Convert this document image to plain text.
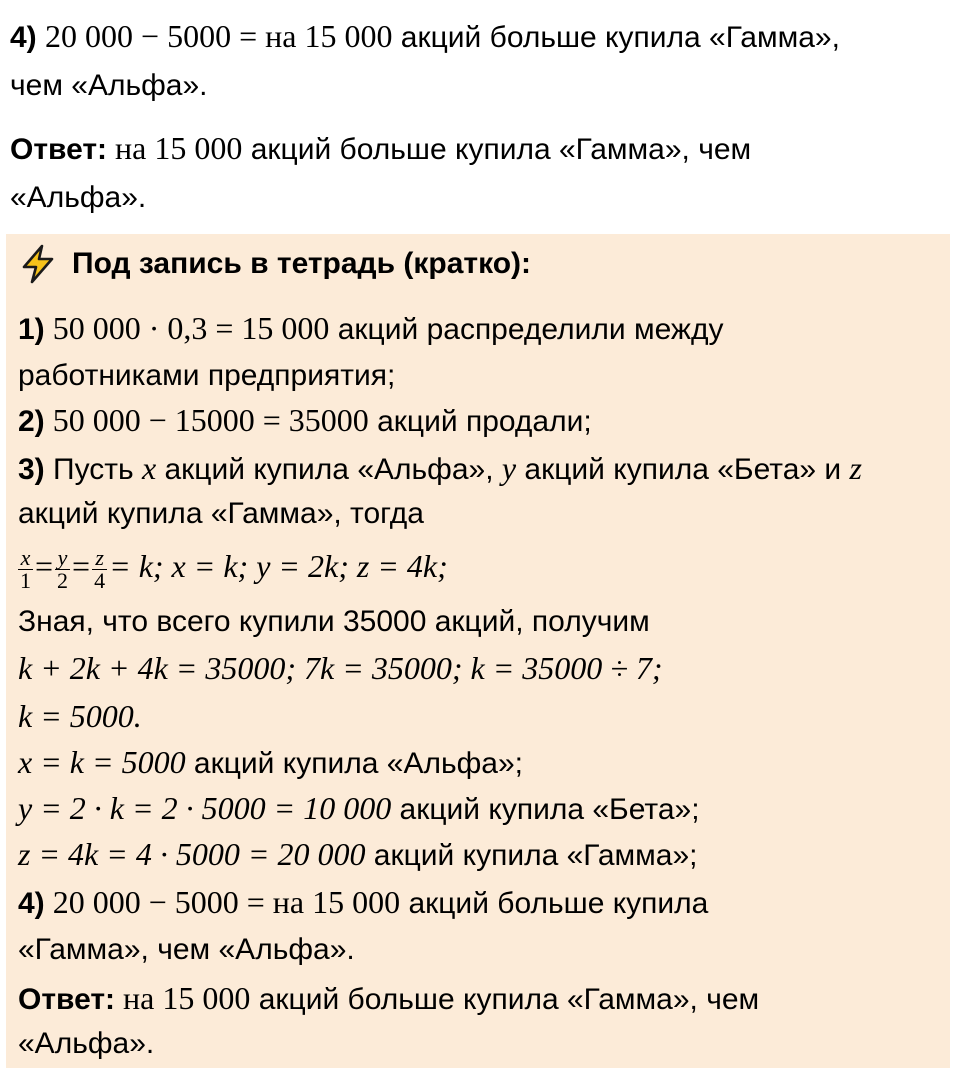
4) 20 000 − 5000 = на 15 000 акций больше купила «Гамма»,
чем «Альфа».
Ответ: на 15 000 акций больше купила «Гамма», чем
«Альфа».
Под запись в тетрадь (кратко):
1) 50 000 · 0,3 = 15 000 акций распределили между
работниками предприятия;
2) 50 000 − 15000 = 35000 акций продали;
3) Пусть x акций купила «Альфа», y акций купила «Бета» и z
акций купила «Гамма», тогда
$\frac{x}{1} = \frac{y}{2} = \frac{z}{4} = k$; x = k; y = 2k; z = 4k;
Зная, что всего купили 35000 акций, получим
k + 2k + 4k = 35000; 7k = 35000; k = 35000 ÷ 7;
k = 5000.
x = k = 5000 акций купила «Альфа»;
y = 2 · k = 2 · 5000 = 10 000 акций купила «Бета»;
z = 4k = 4 · 5000 = 20 000 акций купила «Гамма»;
4) 20 000 − 5000 = на 15 000 акций больше купила
«Гамма», чем «Альфа».
Ответ: на 15 000 акций больше купила «Гамма», чем
«Альфа».
